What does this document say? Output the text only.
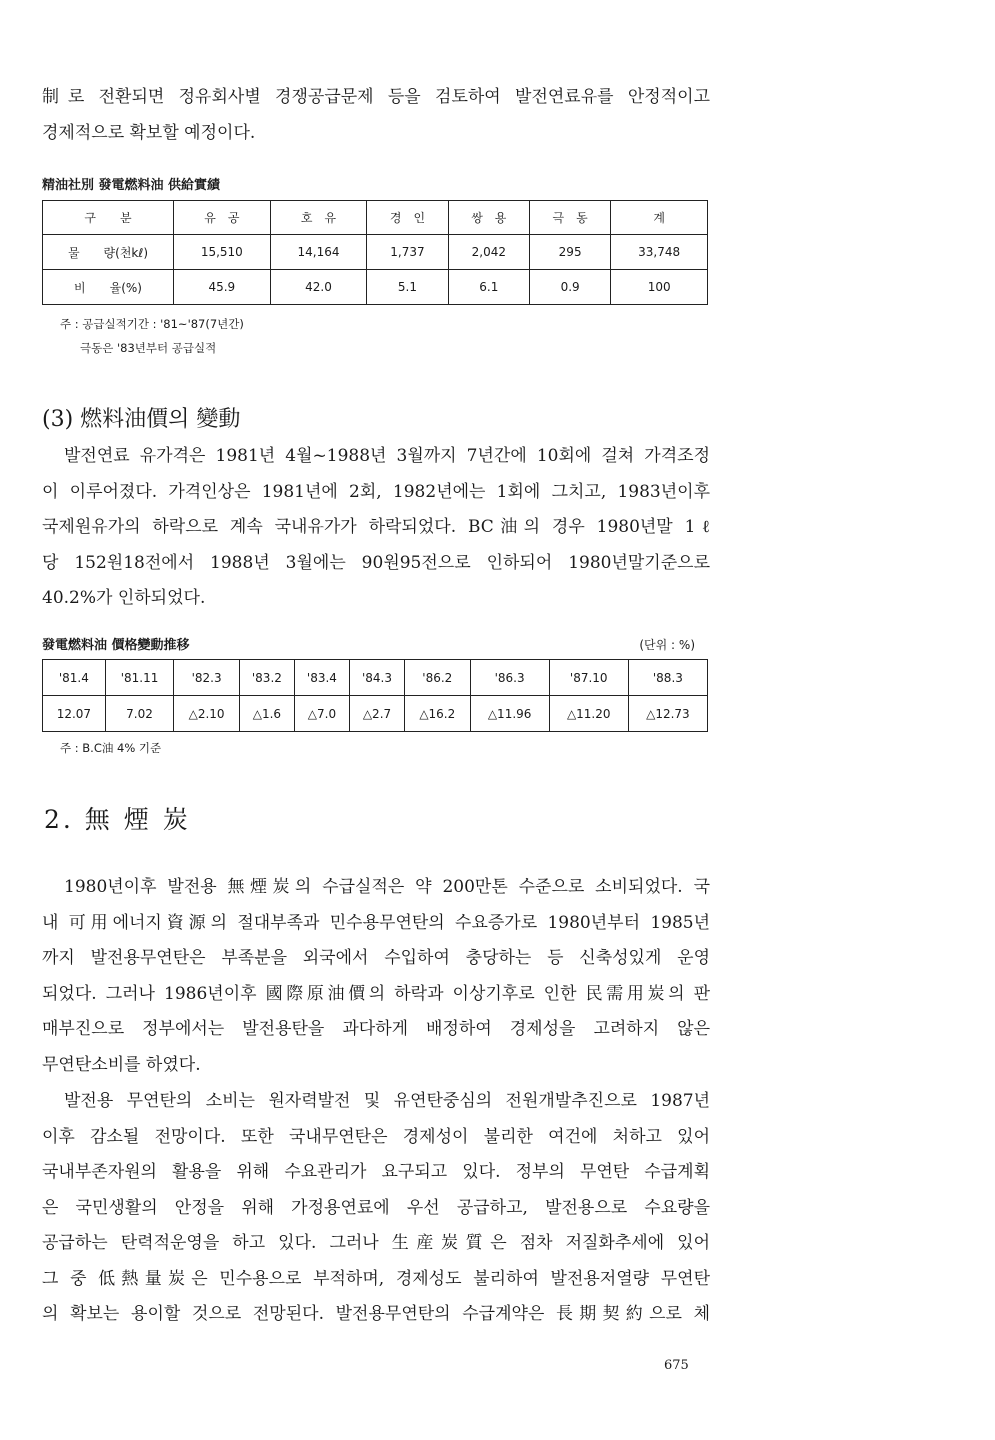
制로 전환되면 정유회사별 경쟁공급문제 등을 검토하여 발전연료유를 안정적이고
경제적으로 확보할 예정이다.

精油社別 發電燃料油 供給實績
구　　분	유　공	호　유	경　인	쌍　용	극　동	계
물　　량(천kℓ)	15,510	14,164	1,737	2,042	295	33,748
비　　율(%)	45.9	42.0	5.1	6.1	0.9	100
주 : 공급실적기간 : '81~'87(7년간)
극동은 '83년부터 공급실적
(3) 燃料油價의 變動

발전연료 유가격은 1981년 4월~1988년 3월까지 7년간에 10회에 걸쳐 가격조정
이 이루어졌다. 가격인상은 1981년에 2회, 1982년에는 1회에 그치고, 1983년이후
국제원유가의 하락으로 계속 국내유가가 하락되었다. BC油의 경우 1980년말 1ℓ
당 152원18전에서 1988년 3월에는 90원95전으로 인하되어 1980년말기준으로
40.2%가 인하되었다.

發電燃料油 價格變動推移	(단위 : %)
'81.4	'81.11	'82.3	'83.2	'83.4	'84.3	'86.2	'86.3	'87.10	'88.3
12.07	7.02	△2.10	△1.6	△7.0	△2.7	△16.2	△11.96	△11.20	△12.73
주 : B.C油 4% 기준
2. 無 煙 炭

1980년이후 발전용 無煙炭의 수급실적은 약 200만톤 수준으로 소비되었다. 국
내 可用에너지資源의 절대부족과 민수용무연탄의 수요증가로 1980년부터 1985년
까지 발전용무연탄은 부족분을 외국에서 수입하여 충당하는 등 신축성있게 운영
되었다. 그러나 1986년이후 國際原油價의 하락과 이상기후로 인한 民需用炭의 판
매부진으로 정부에서는 발전용탄을 과다하게 배정하여 경제성을 고려하지 않은
무연탄소비를 하였다.

발전용 무연탄의 소비는 원자력발전 및 유연탄중심의 전원개발추진으로 1987년
이후 감소될 전망이다. 또한 국내무연탄은 경제성이 불리한 여건에 처하고 있어
국내부존자원의 활용을 위해 수요관리가 요구되고 있다. 정부의 무연탄 수급계획
은 국민생활의 안정을 위해 가정용연료에 우선 공급하고, 발전용으로 수요량을
공급하는 탄력적운영을 하고 있다. 그러나 生産炭質은 점차 저질화추세에 있어
그 중 低熱量炭은 민수용으로 부적하며, 경제성도 불리하여 발전용저열량 무연탄
의 확보는 용이할 것으로 전망된다. 발전용무연탄의 수급계약은 長期契約으로 체

675
